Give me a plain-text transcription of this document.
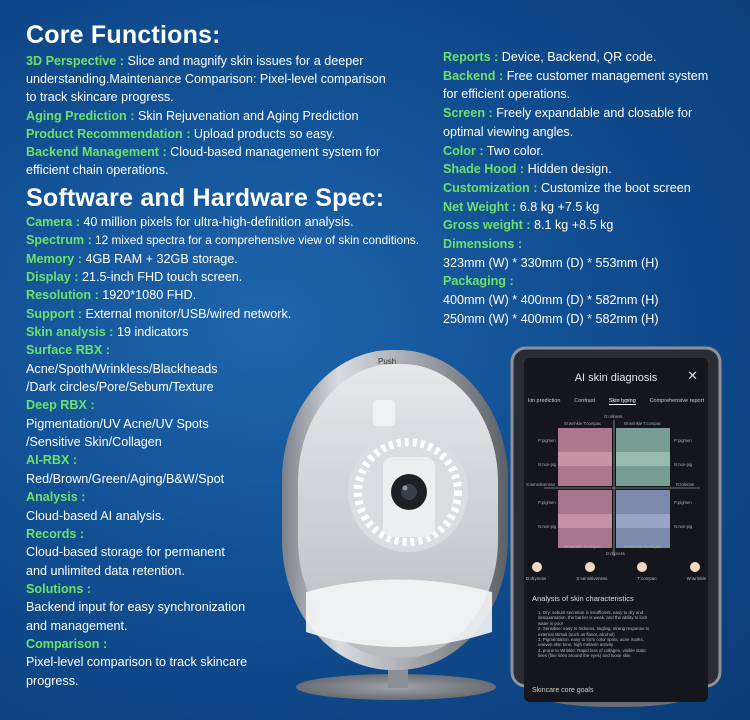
Core Functions:
Software and Hardware Spec:
3D Perspective : Slice and magnify skin issues for a deeper
understanding.Maintenance Comparison: Pixel-level comparison
to track skincare progress.
Aging Prediction : Skin Rejuvenation and Aging Prediction
Product Recommendation : Upload products so easy.
Backend Management : Cloud-based management system for
efficient chain operations.
Camera : 40 million pixels for ultra-high-definition analysis.
Spectrum : 12 mixed spectra for a comprehensive view of skin conditions.
Memory : 4GB RAM + 32GB storage.
Display : 21.5-inch FHD touch screen.
Resolution : 1920*1080 FHD.
Support : External monitor/USB/wired network.
Skin analysis : 19 indicators
Surface RBX :
Acne/Spoth/Wrinkless/Blackheads
/Dark circles/Pore/Sebum/Texture
Deep RBX :
Pigmentation/UV Acne/UV Spots
/Sensitive Skin/Collagen
AI-RBX :
Red/Brown/Green/Aging/B&W/Spot
Analysis :
Cloud-based AI analysis.
Records :
Cloud-based storage for permanent
and unlimited data retention.
Solutions :
Backend input for easy synchronization
and management.
Comparison :
Pixel-level comparison to track skincare
progress.
Reports : Device, Backend, QR code.
Backend : Free customer management system
for efficient operations.
Screen : Freely expandable and closable for
optimal viewing angles.
Color : Two color.
Shade Hood : Hidden design.
Customization : Customize the boot screen
Net Weight : 6.8 kg +7.5 kg
Gross weight : 8.1 kg +8.5 kg
Dimensions :
323mm (W) * 330mm (D) * 553mm (H)
Packaging :
400mm (W) * 400mm (D) * 582mm (H)
250mm (W) * 400mm (D) * 582mm (H)
Push
AI skin diagnosis	✕
kin prediction	Contrast	Skin typing	Comprehensive report
O:oiliness
W:wrinkle T:compac	W:wrinkle T:compac
P:pigmen	P:pigmen
N:non-pig	N:non-pig
S:sensitiveness	R:tolerate
P:pigmen	P:pigmen
N:non-pig	N:non-pig
W:wrinkle T:compac	W:wrinkle T:compac
D:dryness
D:dryness	S:sensitiveness	T:compac	W:wrinkle
Analysis of skin characteristics
1. Dry: sebum secretion is insufficient, easy to dry and
desquamation, the barrier is weak, and the ability to lock
water is poor
2. Sensitive: easy to redness, tingling, strong response to
external stimuli (such as flavor, alcohol)
3. Pigmentation: easy to form color spots, acne marks,
uneven skin tone, high melanin activity
4. prone to Wrinkle: Rapid loss of collagen, visible static
lines (fine lines around the eyes) and loose skin
Skincare core goals
